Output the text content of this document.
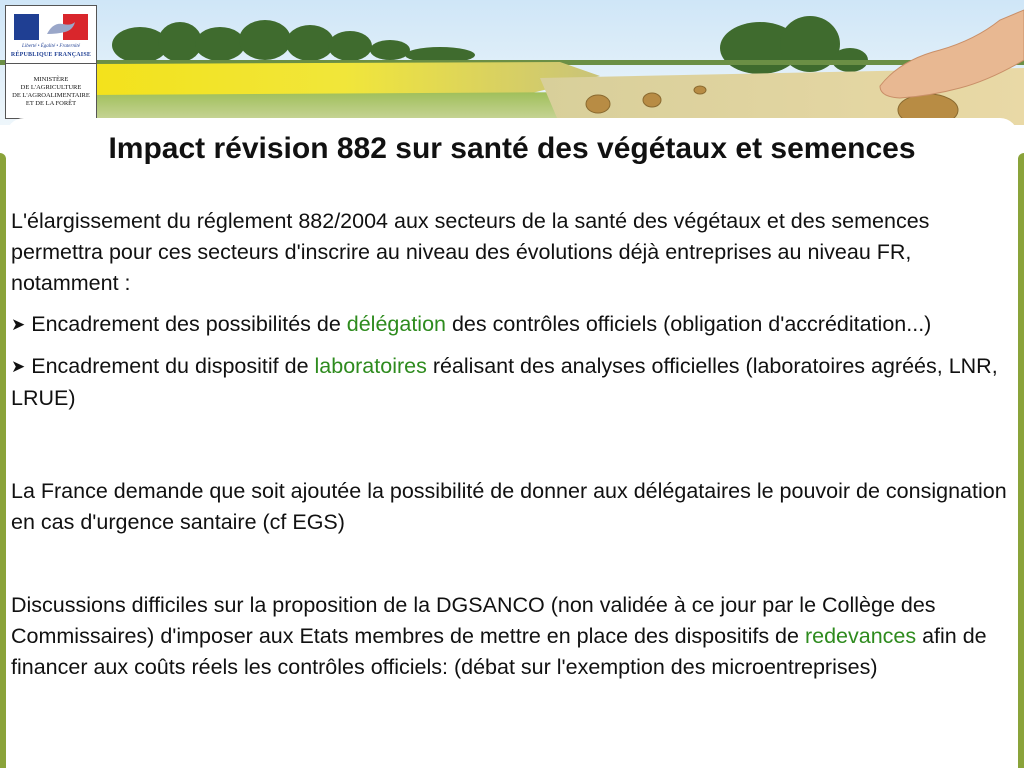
Liberté • Égalité • Fraternité
RÉPUBLIQUE FRANÇAISE
MINISTÈRE
DE L'AGRICULTURE
DE L'AGROALIMENTAIRE
ET DE LA FORÊT
Impact révision 882 sur santé des végétaux et semences

L'élargissement du réglement 882/2004 aux secteurs de la santé des végétaux et des semences permettra pour ces secteurs d'inscrire au niveau des évolutions déjà entreprises au niveau FR, notamment :

➤ Encadrement des possibilités de délégation des contrôles officiels (obligation d'accréditation...)

➤ Encadrement du dispositif de laboratoires réalisant des analyses officielles (laboratoires agréés, LNR, LRUE)

La France demande que soit ajoutée la possibilité de donner aux délégataires le pouvoir de consignation en cas d'urgence santaire (cf EGS)

Discussions difficiles sur la proposition de la DGSANCO (non validée à ce jour par le Collège des Commissaires) d'imposer aux Etats membres de mettre en place des dispositifs de redevances afin de financer aux coûts réels les contrôles officiels: (débat sur l'exemption des microentreprises)
